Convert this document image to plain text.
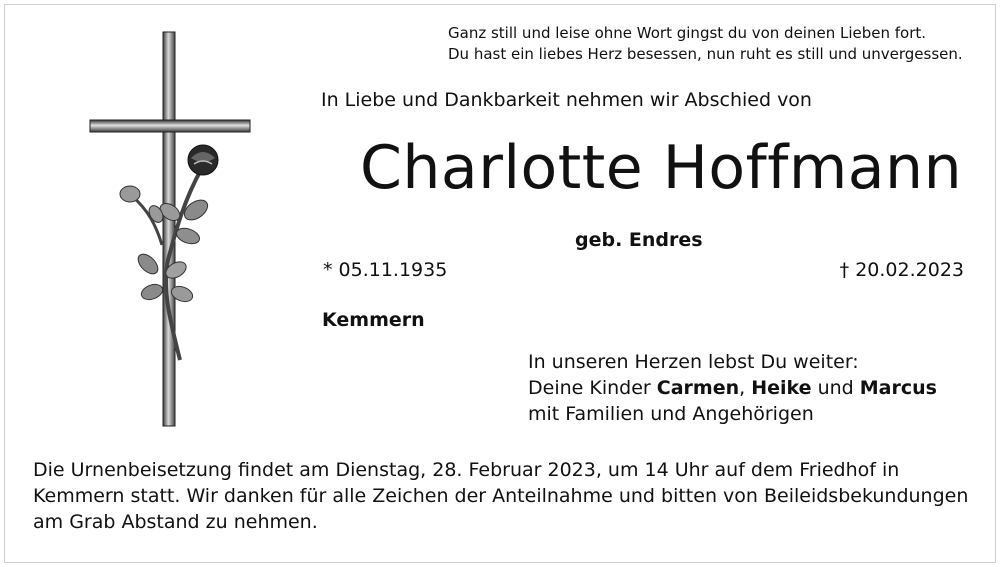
Ganz still und leise ohne Wort gingst du von deinen Lieben fort.
Du hast ein liebes Herz besessen, nun ruht es still und unvergessen.
In Liebe und Dankbarkeit nehmen wir Abschied von
Charlotte Hoffmann
geb. Endres
* 05.11.1935	† 20.02.2023
Kemmern
In unseren Herzen lebst Du weiter:
Deine Kinder Carmen, Heike und Marcus
mit Familien und Angehörigen
Die Urnenbeisetzung findet am Dienstag, 28. Februar 2023, um 14 Uhr auf dem Friedhof in
Kemmern statt. Wir danken für alle Zeichen der Anteilnahme und bitten von Beileidsbekundungen
am Grab Abstand zu nehmen.
